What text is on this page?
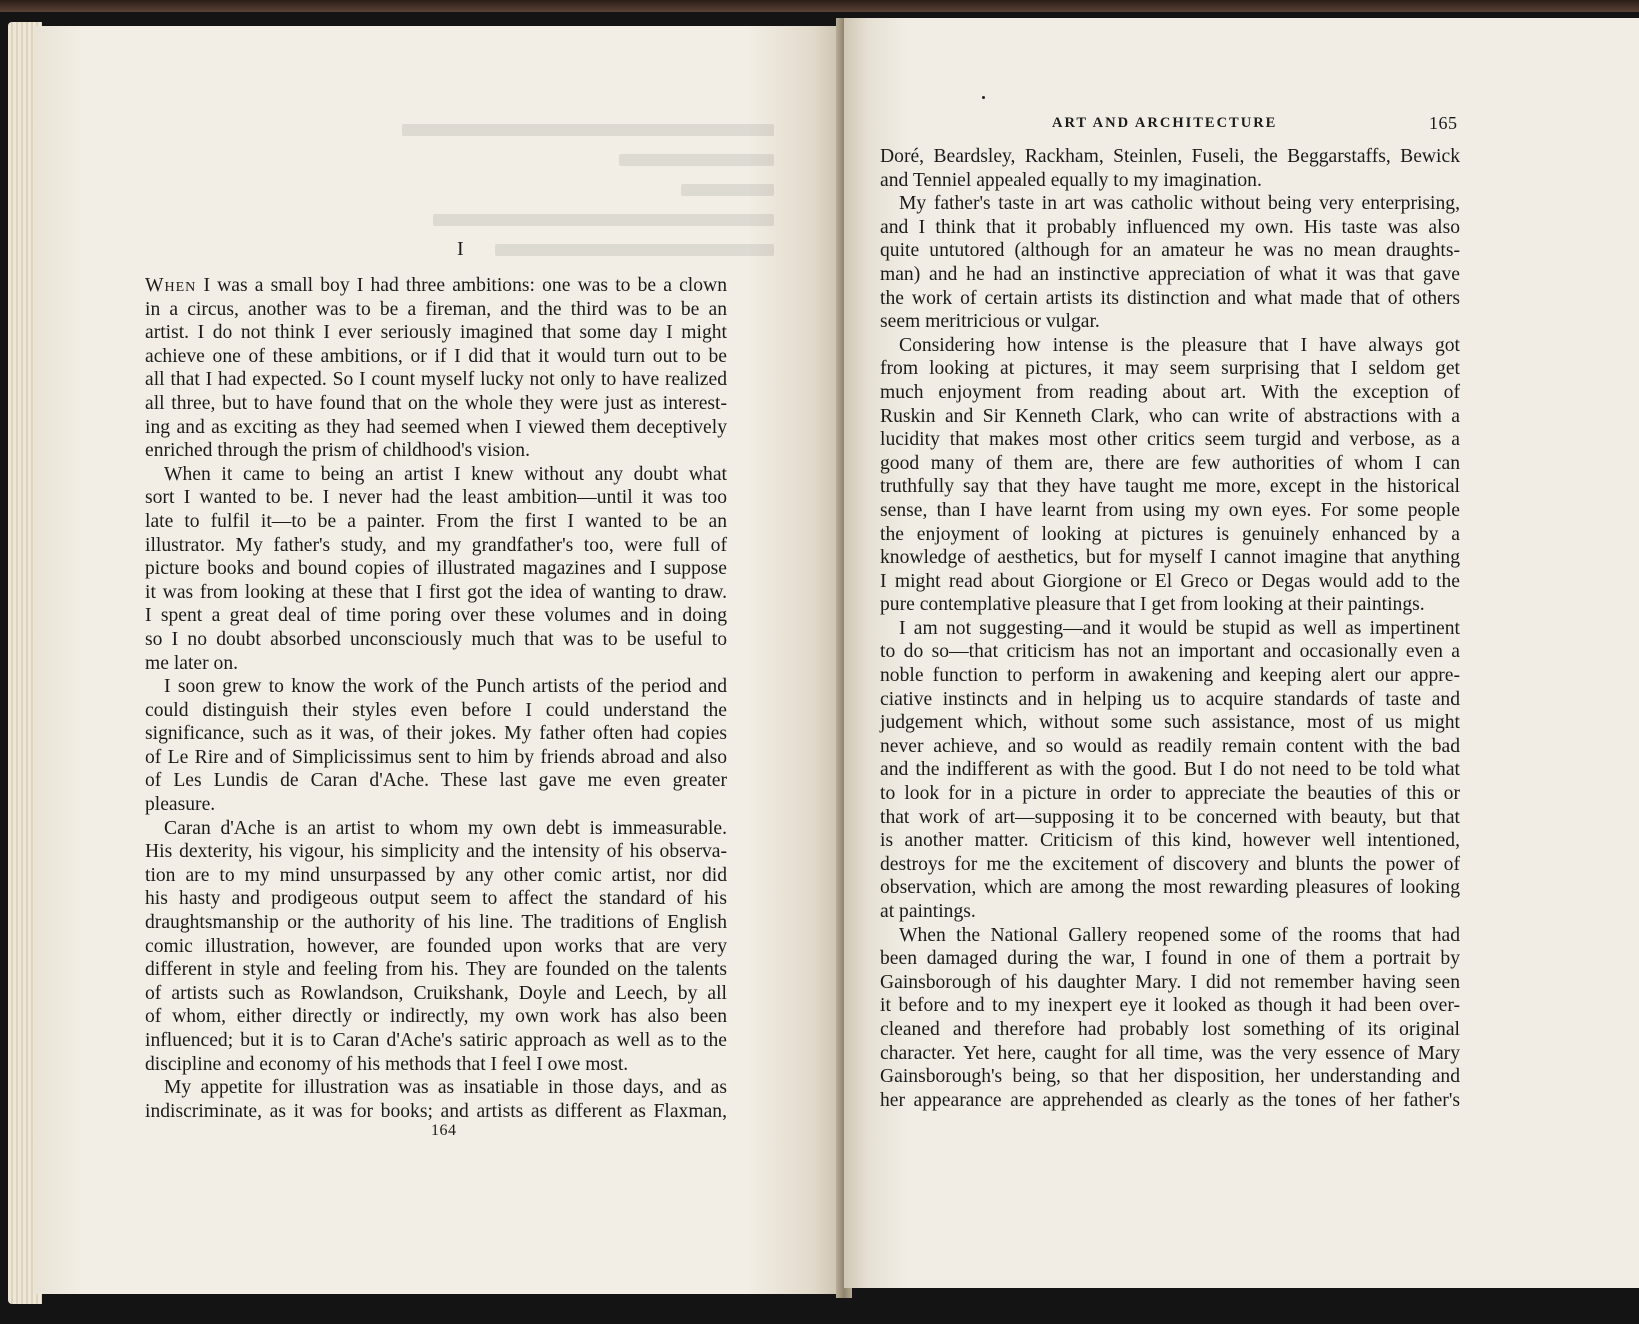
I
When I was a small boy I had three ambitions: one was to be a clown
in a circus, another was to be a fireman, and the third was to be an
artist. I do not think I ever seriously imagined that some day I might
achieve one of these ambitions, or if I did that it would turn out to be
all that I had expected. So I count myself lucky not only to have realized
all three, but to have found that on the whole they were just as interest-
ing and as exciting as they had seemed when I viewed them deceptively
enriched through the prism of childhood's vision.
When it came to being an artist I knew without any doubt what
sort I wanted to be. I never had the least ambition—until it was too
late to fulfil it—to be a painter. From the first I wanted to be an
illustrator. My father's study, and my grandfather's too, were full of
picture books and bound copies of illustrated magazines and I suppose
it was from looking at these that I first got the idea of wanting to draw.
I spent a great deal of time poring over these volumes and in doing
so I no doubt absorbed unconsciously much that was to be useful to
me later on.
I soon grew to know the work of the Punch artists of the period and
could distinguish their styles even before I could understand the
significance, such as it was, of their jokes. My father often had copies
of Le Rire and of Simplicissimus sent to him by friends abroad and also
of Les Lundis de Caran d'Ache. These last gave me even greater
pleasure.
Caran d'Ache is an artist to whom my own debt is immeasurable.
His dexterity, his vigour, his simplicity and the intensity of his observa-
tion are to my mind unsurpassed by any other comic artist, nor did
his hasty and prodigeous output seem to affect the standard of his
draughtsmanship or the authority of his line. The traditions of English
comic illustration, however, are founded upon works that are very
different in style and feeling from his. They are founded on the talents
of artists such as Rowlandson, Cruikshank, Doyle and Leech, by all
of whom, either directly or indirectly, my own work has also been
influenced; but it is to Caran d'Ache's satiric approach as well as to the
discipline and economy of his methods that I feel I owe most.
My appetite for illustration was as insatiable in those days, and as
indiscriminate, as it was for books; and artists as different as Flaxman,
164
ART AND ARCHITECTURE	165
Doré, Beardsley, Rackham, Steinlen, Fuseli, the Beggarstaffs, Bewick
and Tenniel appealed equally to my imagination.
My father's taste in art was catholic without being very enterprising,
and I think that it probably influenced my own. His taste was also
quite untutored (although for an amateur he was no mean draughts-
man) and he had an instinctive appreciation of what it was that gave
the work of certain artists its distinction and what made that of others
seem meritricious or vulgar.
Considering how intense is the pleasure that I have always got
from looking at pictures, it may seem surprising that I seldom get
much enjoyment from reading about art. With the exception of
Ruskin and Sir Kenneth Clark, who can write of abstractions with a
lucidity that makes most other critics seem turgid and verbose, as a
good many of them are, there are few authorities of whom I can
truthfully say that they have taught me more, except in the historical
sense, than I have learnt from using my own eyes. For some people
the enjoyment of looking at pictures is genuinely enhanced by a
knowledge of aesthetics, but for myself I cannot imagine that anything
I might read about Giorgione or El Greco or Degas would add to the
pure contemplative pleasure that I get from looking at their paintings.
I am not suggesting—and it would be stupid as well as impertinent
to do so—that criticism has not an important and occasionally even a
noble function to perform in awakening and keeping alert our appre-
ciative instincts and in helping us to acquire standards of taste and
judgement which, without some such assistance, most of us might
never achieve, and so would as readily remain content with the bad
and the indifferent as with the good. But I do not need to be told what
to look for in a picture in order to appreciate the beauties of this or
that work of art—supposing it to be concerned with beauty, but that
is another matter. Criticism of this kind, however well intentioned,
destroys for me the excitement of discovery and blunts the power of
observation, which are among the most rewarding pleasures of looking
at paintings.
When the National Gallery reopened some of the rooms that had
been damaged during the war, I found in one of them a portrait by
Gainsborough of his daughter Mary. I did not remember having seen
it before and to my inexpert eye it looked as though it had been over-
cleaned and therefore had probably lost something of its original
character. Yet here, caught for all time, was the very essence of Mary
Gainsborough's being, so that her disposition, her understanding and
her appearance are apprehended as clearly as the tones of her father's
